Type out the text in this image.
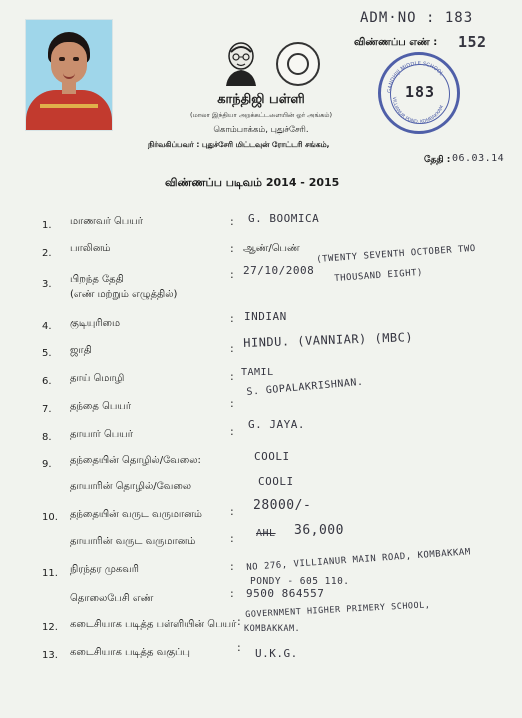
ADM·NO : 183
விண்ணப்ப எண் : 152
காந்திஜி பள்ளி
(மாலா இந்தியா அறக்கட்டளையின் ஓர் அங்கம்)
கொம்பாக்கம், புதுச்சேரி.
நிர்வகிப்பவர் : புதுச்சேரி மிட்டவுன் ரோட்டரி சங்கம்,
GANDHIJI MIDDLE SCHOOL
VILLIANUR POND, KOMBAKKAM
183
தேதி : 06.03.14
விண்ணப்ப படிவம் 2014 - 2015
1. மாணவர் பெயர்	: G. BOOMICA
2. பாலினம்	: ஆண்/பெண்
3. பிறந்த தேதி
(எண் மற்றும் எழுத்தில்)
: 27/10/2008
(TWENTY SEVENTH OCTOBER TWO
THOUSAND EIGHT)
4. குடியுரிமை	: INDIAN
5. ஜாதி	: HINDU. (VANNIAR) (MBC)
6. தாய் மொழி	: TAMIL
7. தந்தை பெயர்	:
S. GOPALAKRISHNAN.
8. தாயார் பெயர்	:
G. JAYA.
9. தந்தையின் தொழில்/வேலை:	COOLI
தாயாரின் தொழில்/வேலை	COOLI
10. தந்தையின் வருட வருமானம்	: 28000/-
தாயாரின் வருட வருமானம்	: AHL 36,000
11. நிரந்தர முகவரி	: NO 276, VILLIANUR MAIN ROAD, KOMBAKKAM
PONDY - 605 110.
தொலைபேசி எண்	: 9500 864557
12. கடைசியாக படித்த பள்ளியின் பெயர் :
GOVERNMENT HIGHER PRIMERY SCHOOL,
KOMBAKKAM.
13. கடைசியாக படித்த வகுப்பு	: U.K.G.
